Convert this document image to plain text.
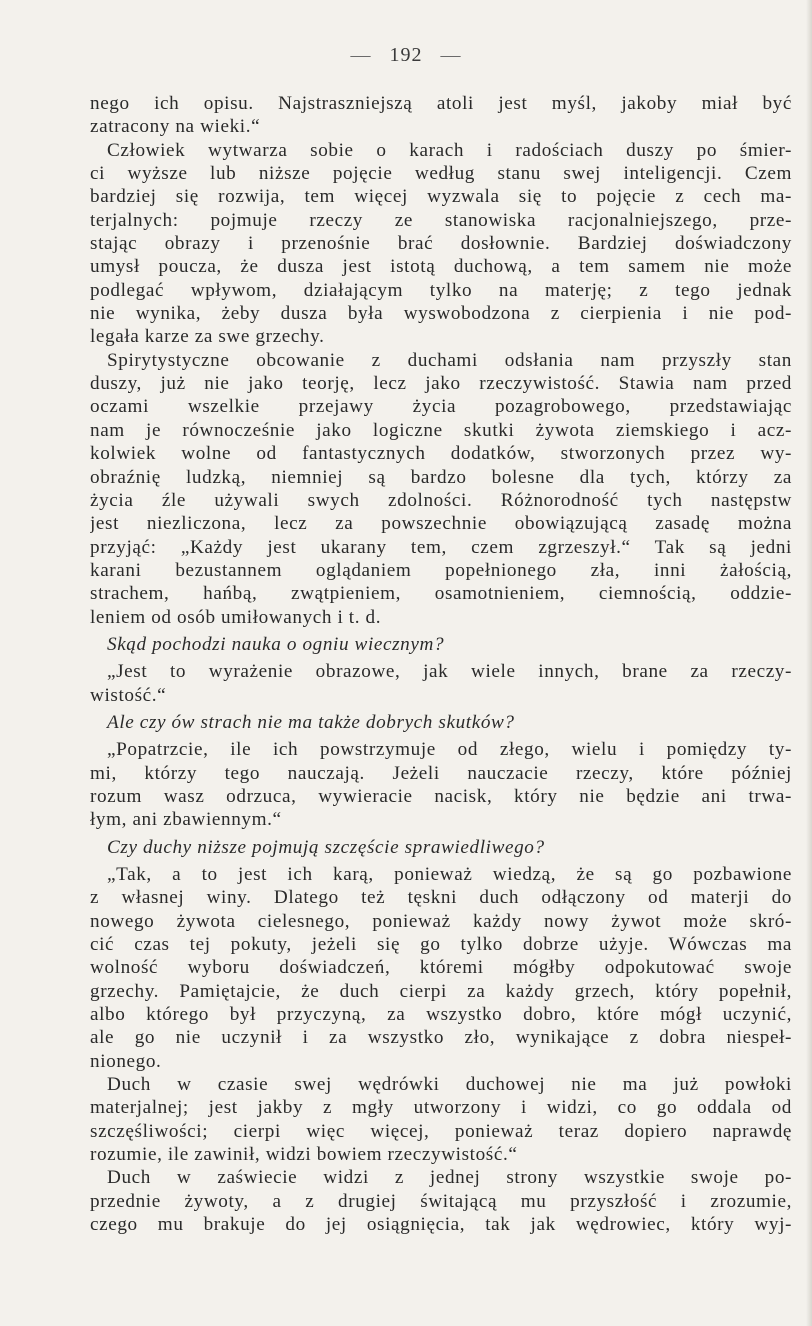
— 192 —
nego ich opisu. Najstraszniejszą atoli jest myśl, jakoby miał być
zatracony na wieki.“
Człowiek wytwarza sobie o karach i radościach duszy po śmier-
ci wyższe lub niższe pojęcie według stanu swej inteligencji. Czem
bardziej się rozwija, tem więcej wyzwala się to pojęcie z cech ma-
terjalnych: pojmuje rzeczy ze stanowiska racjonalniejszego, prze-
stając obrazy i przenośnie brać dosłownie. Bardziej doświadczony
umysł poucza, że dusza jest istotą duchową, a tem samem nie może
podlegać wpływom, działającym tylko na materję; z tego jednak
nie wynika, żeby dusza była wyswobodzona z cierpienia i nie pod-
legała karze za swe grzechy.
Spirytystyczne obcowanie z duchami odsłania nam przyszły stan
duszy, już nie jako teorję, lecz jako rzeczywistość. Stawia nam przed
oczami wszelkie przejawy życia pozagrobowego, przedstawiając
nam je równocześnie jako logiczne skutki żywota ziemskiego i acz-
kolwiek wolne od fantastycznych dodatków, stworzonych przez wy-
obraźnię ludzką, niemniej są bardzo bolesne dla tych, którzy za
życia źle używali swych zdolności. Różnorodność tych następstw
jest niezliczona, lecz za powszechnie obowiązującą zasadę można
przyjąć: „Każdy jest ukarany tem, czem zgrzeszył.“ Tak są jedni
karani bezustannem oglądaniem popełnionego zła, inni żałością,
strachem, hańbą, zwątpieniem, osamotnieniem, ciemnością, oddzie-
leniem od osób umiłowanych i t. d.
Skąd pochodzi nauka o ogniu wiecznym?
„Jest to wyrażenie obrazowe, jak wiele innych, brane za rzeczy-
wistość.“
Ale czy ów strach nie ma także dobrych skutków?
„Popatrzcie, ile ich powstrzymuje od złego, wielu i pomiędzy ty-
mi, którzy tego nauczają. Jeżeli nauczacie rzeczy, które później
rozum wasz odrzuca, wywieracie nacisk, który nie będzie ani trwa-
łym, ani zbawiennym.“
Czy duchy niższe pojmują szczęście sprawiedliwego?
„Tak, a to jest ich karą, ponieważ wiedzą, że są go pozbawione
z własnej winy. Dlatego też tęskni duch odłączony od materji do
nowego żywota cielesnego, ponieważ każdy nowy żywot może skró-
cić czas tej pokuty, jeżeli się go tylko dobrze użyje. Wówczas ma
wolność wyboru doświadczeń, któremi mógłby odpokutować swoje
grzechy. Pamiętajcie, że duch cierpi za każdy grzech, który popełnił,
albo którego był przyczyną, za wszystko dobro, które mógł uczynić,
ale go nie uczynił i za wszystko zło, wynikające z dobra niespeł-
nionego.
Duch w czasie swej wędrówki duchowej nie ma już powłoki
materjalnej; jest jakby z mgły utworzony i widzi, co go oddala od
szczęśliwości; cierpi więc więcej, ponieważ teraz dopiero naprawdę
rozumie, ile zawinił, widzi bowiem rzeczywistość.“
Duch w zaświecie widzi z jednej strony wszystkie swoje po-
przednie żywoty, a z drugiej świtającą mu przyszłość i zrozumie,
czego mu brakuje do jej osiągnięcia, tak jak wędrowiec, który wyj-
